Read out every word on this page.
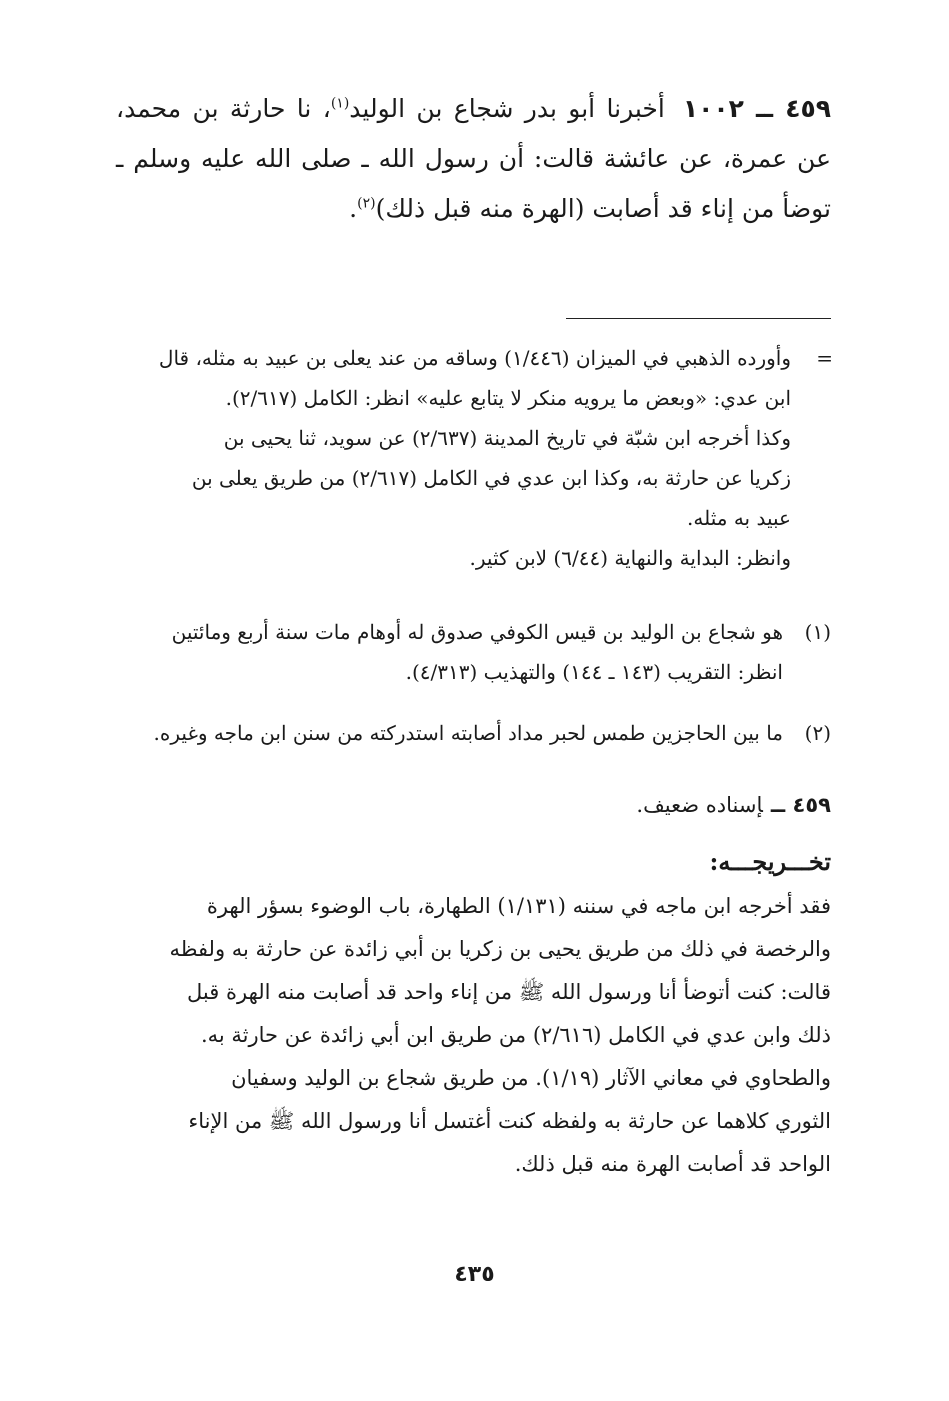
٤٥٩ ــ ١٠٠٢أخبرنا أبو بدر شجاع بن الوليد$^{(١)}$، نا حارثة بن محمد، عن عمرة، عن عائشة قالت: أن رسول الله ـ صلى الله عليه وسلم ـ توضأ من إناء قد أصابت (الهرة منه قبل ذلك)$^{(٢)}$.
=

وأورده الذهبي في الميزان (١/٤٤٦) وساقه من عند يعلى بن عبيد به مثله، قال

ابن عدي: «وبعض ما يرويه منكر لا يتابع عليه» انظر: الكامل (٢/٦١٧).

وكذا أخرجه ابن شبّة في تاريخ المدينة (٢/٦٣٧) عن سويد، ثنا يحيى بن

زكريا عن حارثة به، وكذا ابن عدي في الكامل (٢/٦١٧) من طريق يعلى بن

عبيد به مثله.

وانظر: البداية والنهاية (٦/٤٤) لابن كثير.

(١)

هو شجاع بن الوليد بن قيس الكوفي صدوق له أوهام مات سنة أربع ومائتين

انظر: التقريب (١٤٣ ـ ١٤٤) والتهذيب (٤/٣١٣).

(٢)

ما بين الحاجزين طمس لحبر مداد أصابته استدركته من سنن ابن ماجه وغيره.

٤٥٩ ــإسناده ضعيف.
تخـــريجـــه:

فقد أخرجه ابن ماجه في سننه (١/١٣١) الطهارة، باب الوضوء بسؤر الهرة

والرخصة في ذلك من طريق يحيى بن زكريا بن أبي زائدة عن حارثة به ولفظه

قالت: كنت أتوضأ أنا ورسول الله ﷺ من إناء واحد قد أصابت منه الهرة قبل

ذلك وابن عدي في الكامل (٢/٦١٦) من طريق ابن أبي زائدة عن حارثة به.

والطحاوي في معاني الآثار (١/١٩). من طريق شجاع بن الوليد وسفيان

الثوري كلاهما عن حارثة به ولفظه كنت أغتسل أنا ورسول الله ﷺ من الإناء

الواحد قد أصابت الهرة منه قبل ذلك.

٤٣٥
